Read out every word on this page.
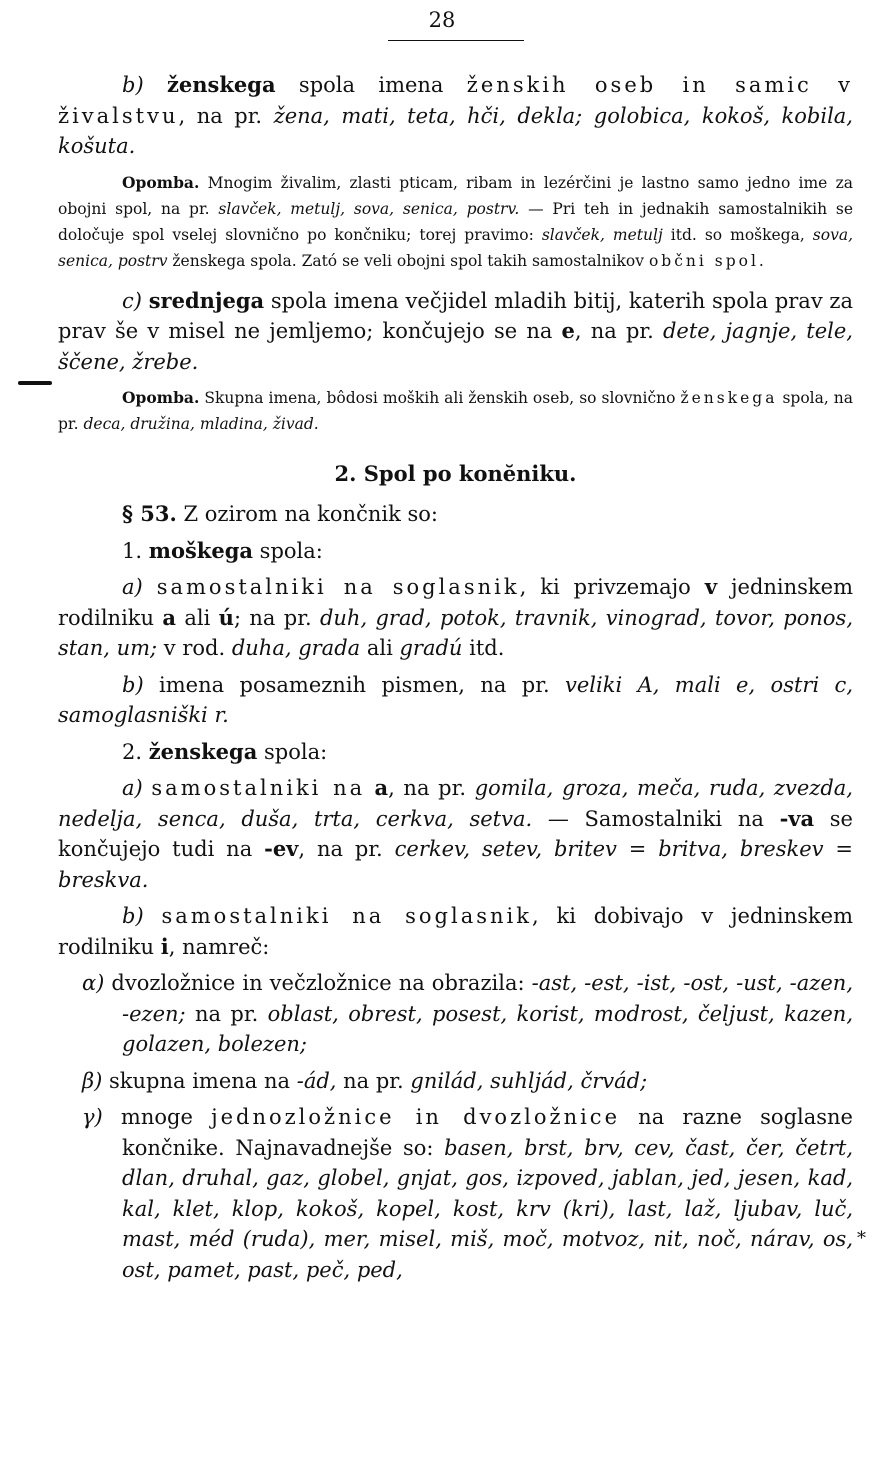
28
*

b) ženskega spola imena ženskih oseb in samic v živalstvu, na pr. žena, mati, teta, hči, dekla; golobica, kokoš, kobila, košuta.

Opomba. Mnogim živalim, zlasti pticam, ribam in lezérčini je lastno samo jedno ime za obojni spol, na pr. slavček, metulj, sova, senica, postrv. — Pri teh in jednakih samostalnikih se določuje spol vselej slovnično po končniku; torej pravimo: slavček, metulj itd. so moškega, sova, senica, postrv ženskega spola. Zató se veli obojni spol takih samostalnikov občni spol.

c) srednjega spola imena večjidel mladih bitij, katerih spola prav za prav še v misel ne jemljemo; končujejo se na e, na pr. dete, jagnje, tele, ščene, žrebe.

Opomba. Skupna imena, bôdosi moških ali ženskih oseb, so slovnično ženskega spola, na pr. deca, družina, mladina, živad.

2. Spol po konĕniku.

§ 53. Z ozirom na končnik so:

1. moškega spola:

a) samostalniki na soglasnik, ki privzemajo v jedninskem rodilniku a ali ú; na pr. duh, grad, potok, travnik, vinograd, tovor, ponos, stan, um; v rod. duha, grada ali gradú itd.

b) imena posameznih pismen, na pr. veliki A, mali e, ostri c, samoglasniški r.

2. ženskega spola:

a) samostalniki na a, na pr. gomila, groza, meča, ruda, zvezda, nedelja, senca, duša, trta, cerkva, setva. — Samostalniki na -va se končujejo tudi na -ev, na pr. cerkev, setev, britev = britva, breskev = breskva.

b) samostalniki na soglasnik, ki dobivajo v jedninskem rodilniku i, namreč:

α) dvozložnice in večzložnice na obrazila: -ast, -est, -ist, -ost, -ust, -azen, -ezen; na pr. oblast, obrest, posest, korist, modrost, čeljust, kazen, golazen, bolezen;

β) skupna imena na -ád, na pr. gnilád, suhljád, črvád;

γ) mnoge jednozložnice in dvozložnice na razne soglasne končnike. Najnavadnejše so: basen, brst, brv, cev, čast, čer, četrt, dlan, druhal, gaz, globel, gnjat, gos, izpoved, jablan, jed, jesen, kad, kal, klet, klop, kokoš, kopel, kost, krv (kri), last, laž, ljubav, luč, mast, méd (ruda), mer, misel, miš, moč, motvoz, nit, noč, nárav, os, ost, pamet, past, peč, ped,
